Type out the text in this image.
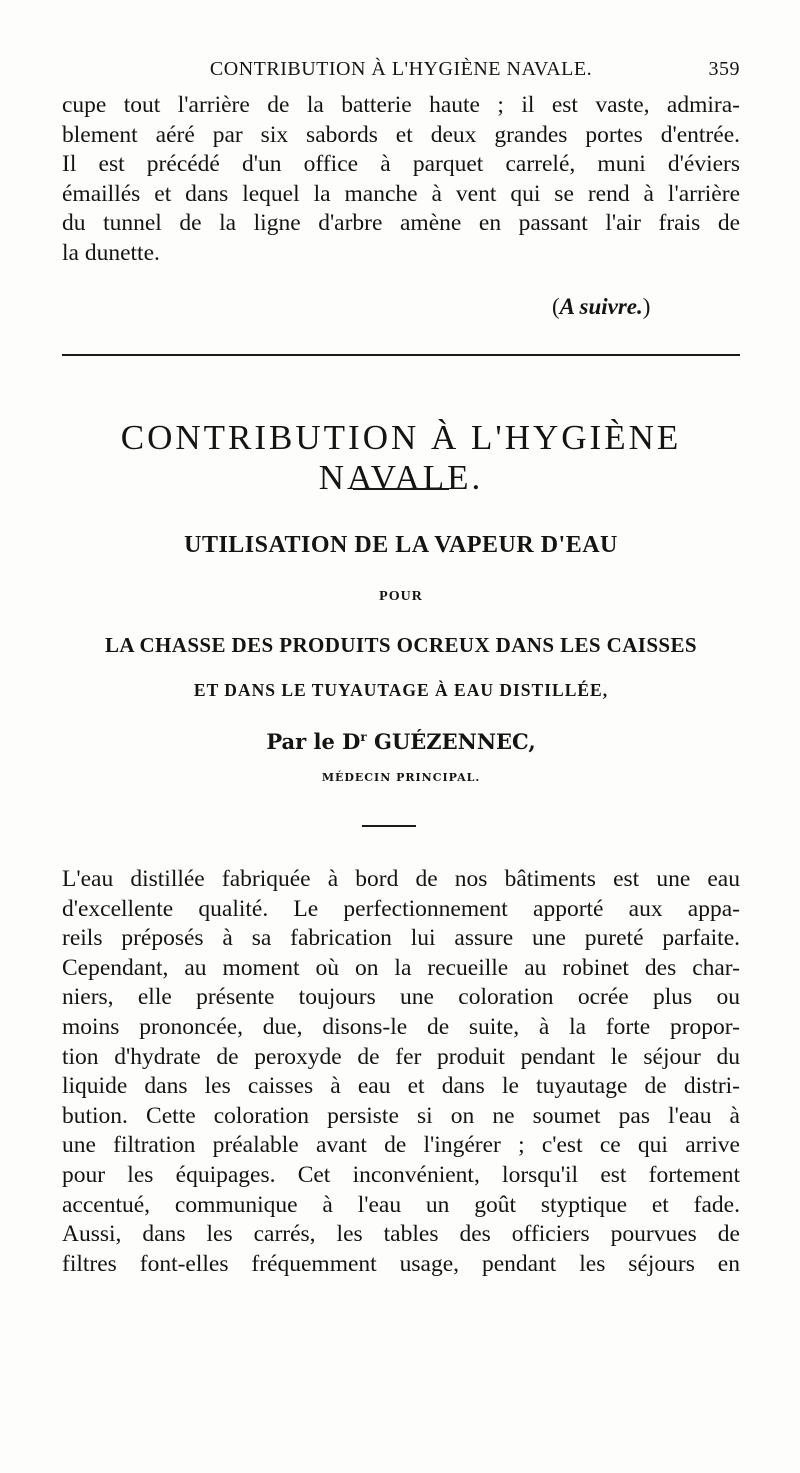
CONTRIBUTION À L'HYGIÈNE NAVALE.	359
cupe tout l'arrière de la batterie haute ; il est vaste, admira-
blement aéré par six sabords et deux grandes portes d'entrée.
Il est précédé d'un office à parquet carrelé, muni d'éviers
émaillés et dans lequel la manche à vent qui se rend à l'arrière
du tunnel de la ligne d'arbre amène en passant l'air frais de
la dunette.
(A suivre.)
CONTRIBUTION À L'HYGIÈNE NAVALE.
UTILISATION DE LA VAPEUR D'EAU
POUR
LA CHASSE DES PRODUITS OCREUX DANS LES CAISSES
ET DANS LE TUYAUTAGE À EAU DISTILLÉE,
Par le $D^r$ GUÉZENNEC,
MÉDECIN PRINCIPAL.
L'eau distillée fabriquée à bord de nos bâtiments est une eau
d'excellente qualité. Le perfectionnement apporté aux appa-
reils préposés à sa fabrication lui assure une pureté parfaite.
Cependant, au moment où on la recueille au robinet des char-
niers, elle présente toujours une coloration ocrée plus ou
moins prononcée, due, disons-le de suite, à la forte propor-
tion d'hydrate de peroxyde de fer produit pendant le séjour du
liquide dans les caisses à eau et dans le tuyautage de distri-
bution. Cette coloration persiste si on ne soumet pas l'eau à
une filtration préalable avant de l'ingérer ; c'est ce qui arrive
pour les équipages. Cet inconvénient, lorsqu'il est fortement
accentué, communique à l'eau un goût styptique et fade.
Aussi, dans les carrés, les tables des officiers pourvues de
filtres font-elles fréquemment usage, pendant les séjours en
